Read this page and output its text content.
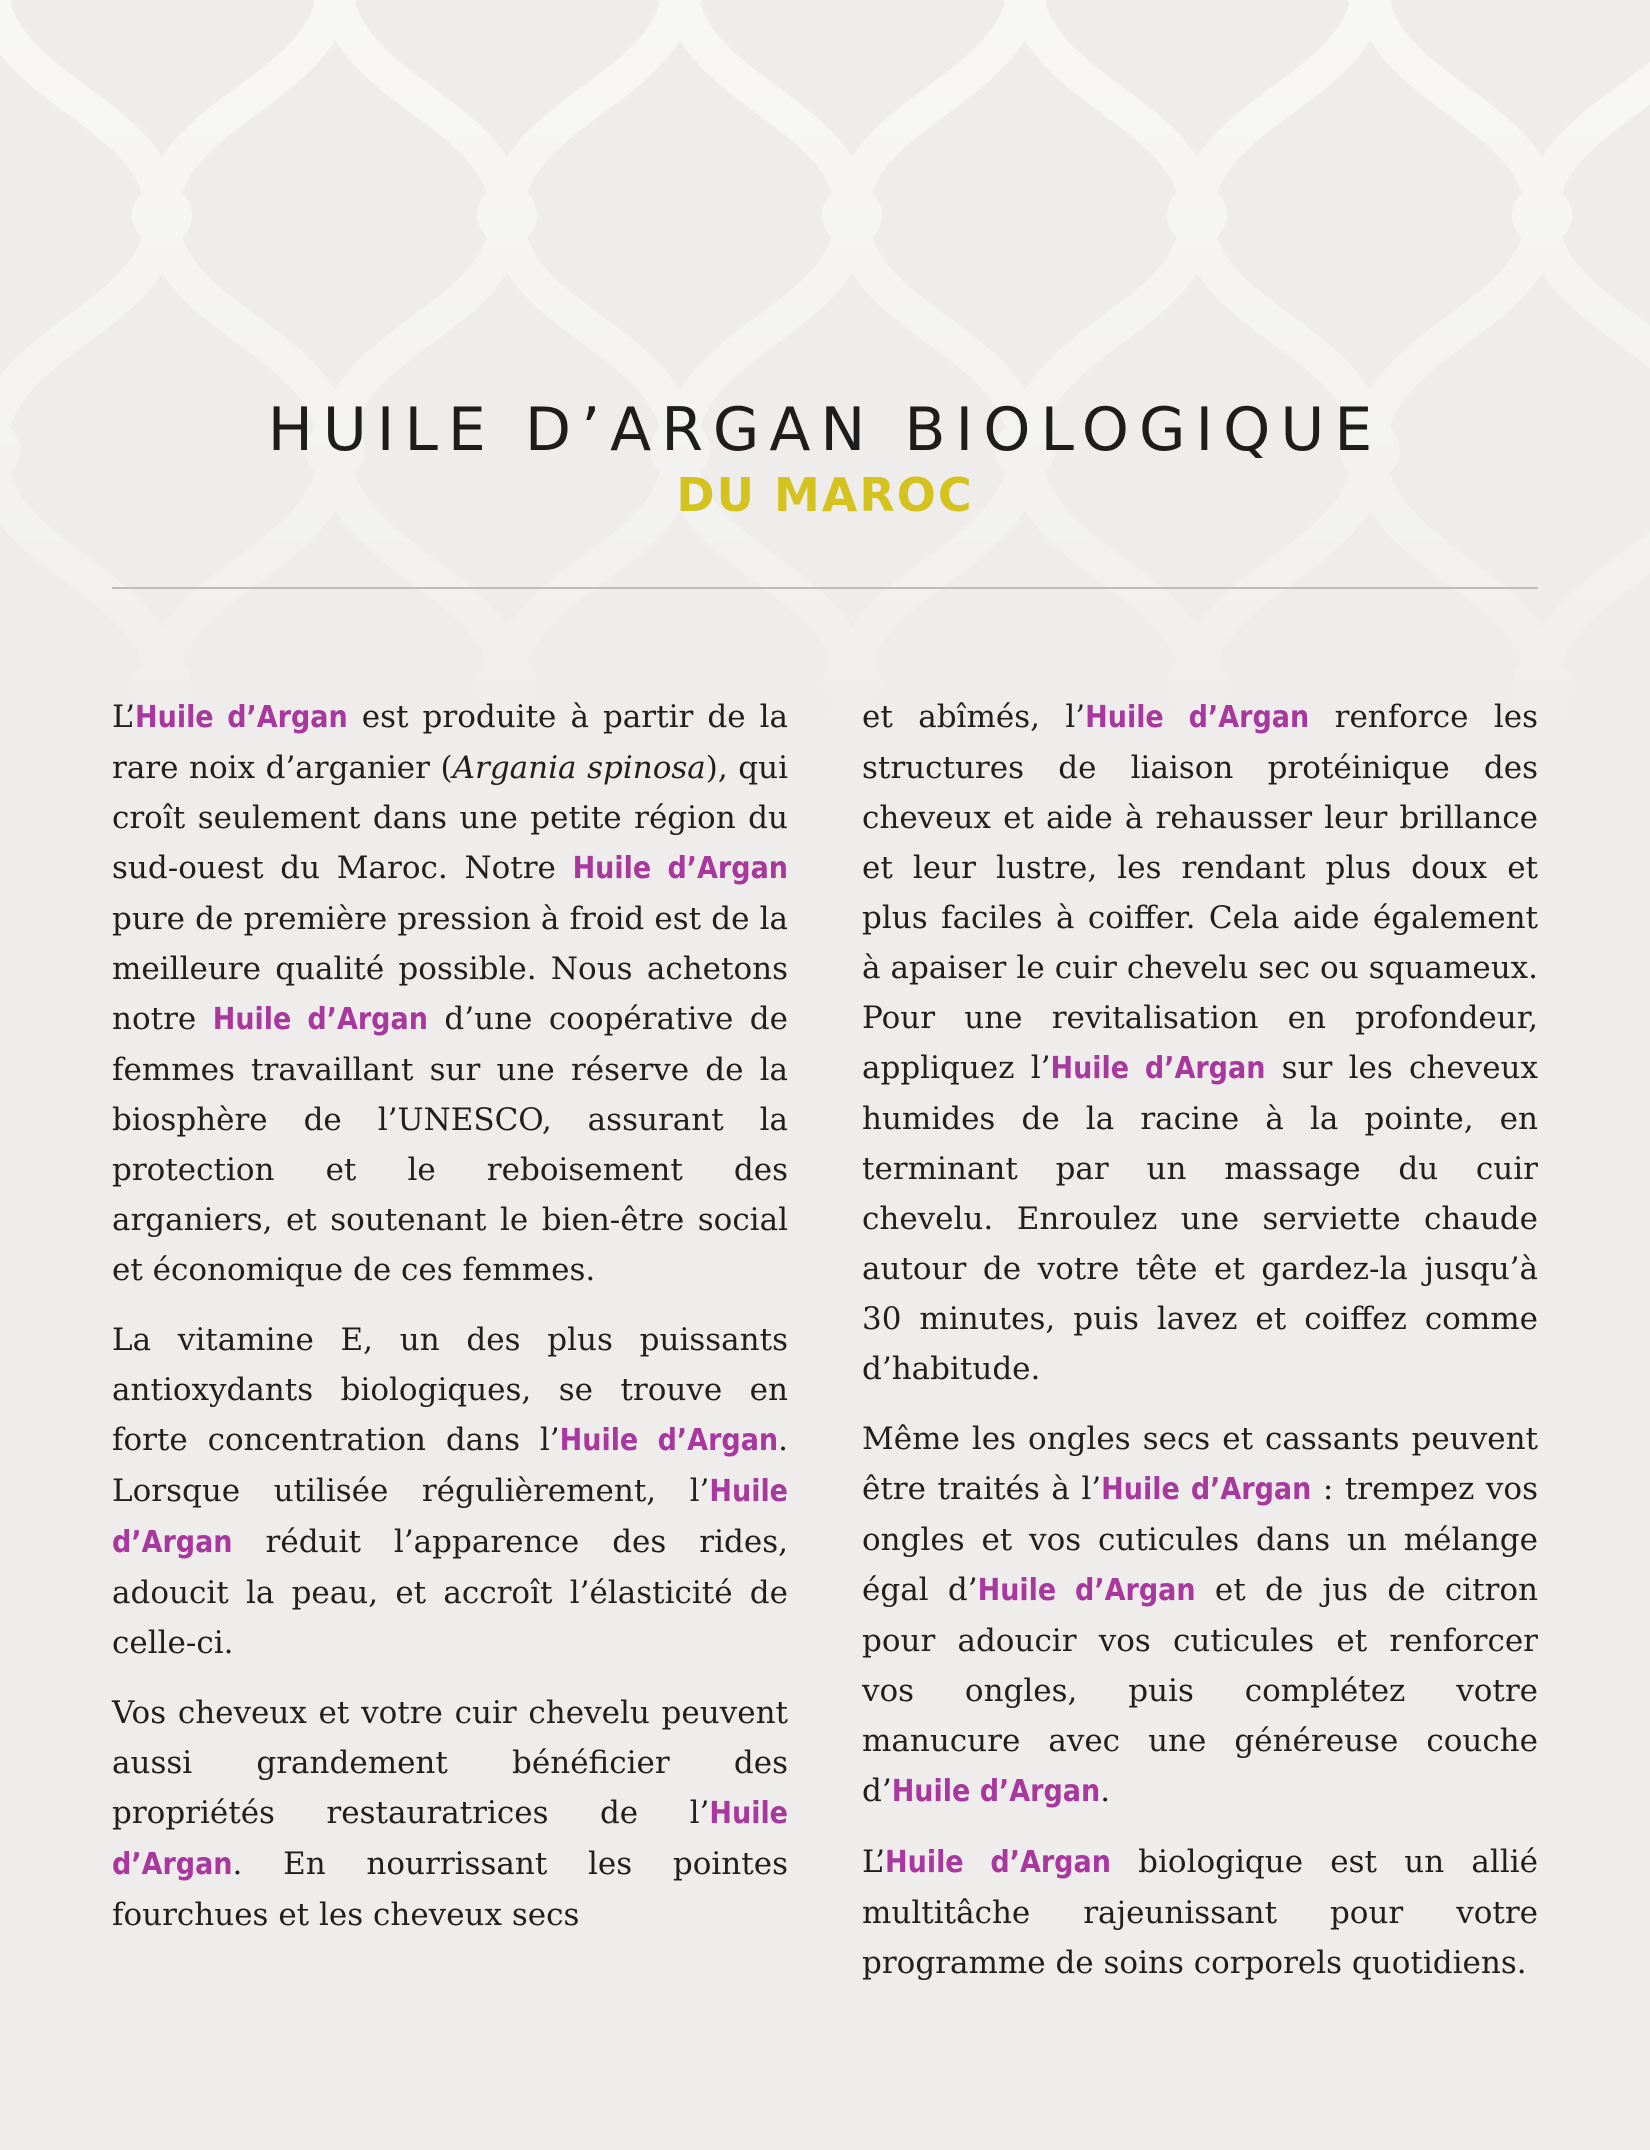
HUILE D’ARGAN BIOLOGIQUE
DU MAROC

L’Huile d’Argan est produite à partir de la rare noix d’arganier (Argania spinosa), qui croît seulement dans une petite région du sud-ouest du Maroc. Notre Huile d’Argan pure de première pression à froid est de la meilleure qualité possible. Nous achetons notre Huile d’Argan d’une coopérative de femmes travaillant sur une réserve de la biosphère de l’UNESCO, assurant la protection et le reboisement des arganiers, et soutenant le bien-être social et économique de ces femmes.

La vitamine E, un des plus puissants antioxydants biologiques, se trouve en forte concentration dans l’Huile d’Argan. Lorsque utilisée régulièrement, l’Huile d’Argan réduit l’apparence des rides, adoucit la peau, et accroît l’élasticité de celle-ci.

Vos cheveux et votre cuir chevelu peuvent aussi grandement bénéficier des propriétés restauratrices de l’Huile d’Argan. En nourrissant les pointes fourchues et les cheveux secs

et abîmés, l’Huile d’Argan renforce les structures de liaison protéinique des cheveux et aide à rehausser leur brillance et leur lustre, les rendant plus doux et plus faciles à coiffer. Cela aide également à apaiser le cuir chevelu sec ou squameux. Pour une revitalisation en profondeur, appliquez l’Huile d’Argan sur les cheveux humides de la racine à la pointe, en terminant par un massage du cuir chevelu. Enroulez une serviette chaude autour de votre tête et gardez-la jusqu’à 30 minutes, puis lavez et coiffez comme d’habitude.

Même les ongles secs et cassants peuvent être traités à l’Huile d’Argan : trempez vos ongles et vos cuticules dans un mélange égal d’Huile d’Argan et de jus de citron pour adoucir vos cuticules et renforcer vos ongles, puis complétez votre manucure avec une généreuse couche d’Huile d’Argan.

L’Huile d’Argan biologique est un allié multitâche rajeunissant pour votre programme de soins corporels quotidiens.
